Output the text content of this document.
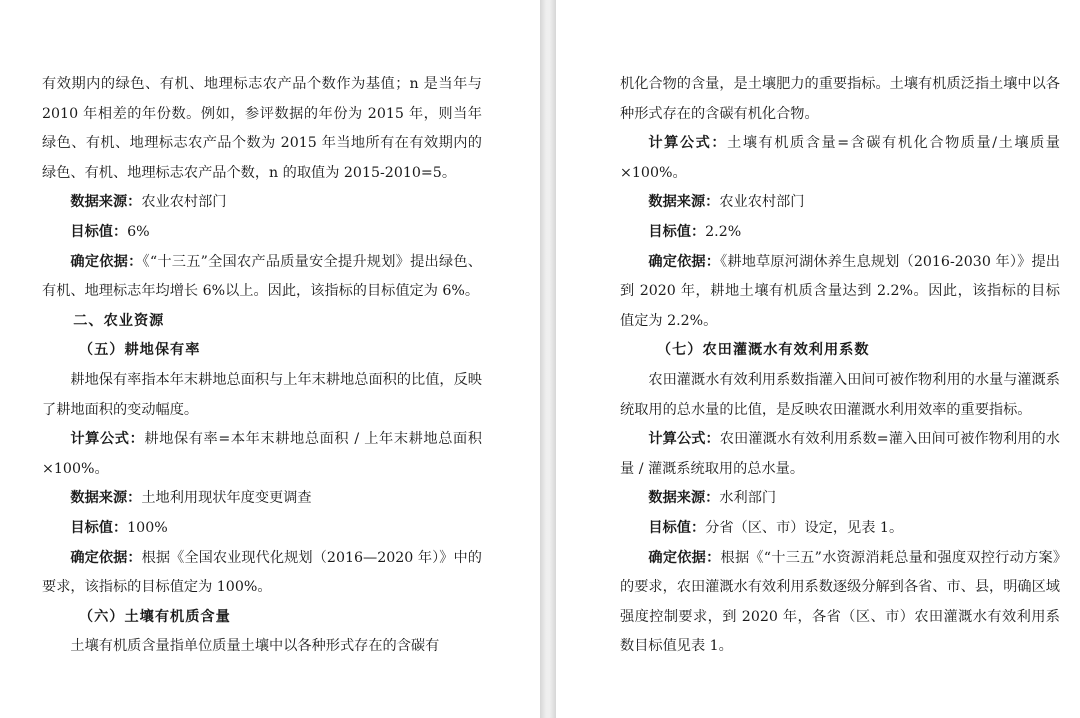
有效期内的绿色、有机、地理标志农产品个数作为基值；n 是当年与 2010 年相差的年份数。例如，参评数据的年份为 2015 年，则当年绿色、有机、地理标志农产品个数为 2015 年当地所有在有效期内的绿色、有机、地理标志农产品个数，n 的取值为 2015-2010=5。

数据来源：农业农村部门

目标值：6%

确定依据：《“十三五”全国农产品质量安全提升规划》提出绿色、有机、地理标志年均增长 6%以上。因此，该指标的目标值定为 6%。

二、农业资源

（五）耕地保有率

耕地保有率指本年末耕地总面积与上年末耕地总面积的比值，反映了耕地面积的变动幅度。

计算公式：耕地保有率=本年末耕地总面积 / 上年末耕地总面积×100%。

数据来源：土地利用现状年度变更调查

目标值：100%

确定依据：根据《全国农业现代化规划（2016—2020 年）》中的要求，该指标的目标值定为 100%。

（六）土壤有机质含量

土壤有机质含量指单位质量土壤中以各种形式存在的含碳有

机化合物的含量，是土壤肥力的重要指标。土壤有机质泛指土壤中以各种形式存在的含碳有机化合物。

计算公式：土壤有机质含量=含碳有机化合物质量/土壤质量×100%。

数据来源：农业农村部门

目标值：2.2%

确定依据：《耕地草原河湖休养生息规划（2016-2030 年）》提出到 2020 年，耕地土壤有机质含量达到 2.2%。因此，该指标的目标值定为 2.2%。

（七）农田灌溉水有效利用系数

农田灌溉水有效利用系数指灌入田间可被作物利用的水量与灌溉系统取用的总水量的比值，是反映农田灌溉水利用效率的重要指标。

计算公式：农田灌溉水有效利用系数=灌入田间可被作物利用的水量 / 灌溉系统取用的总水量。

数据来源：水利部门

目标值：分省（区、市）设定，见表 1。

确定依据：根据《“十三五”水资源消耗总量和强度双控行动方案》的要求，农田灌溉水有效利用系数逐级分解到各省、市、县，明确区域强度控制要求，到 2020 年，各省（区、市）农田灌溉水有效利用系数目标值见表 1。
